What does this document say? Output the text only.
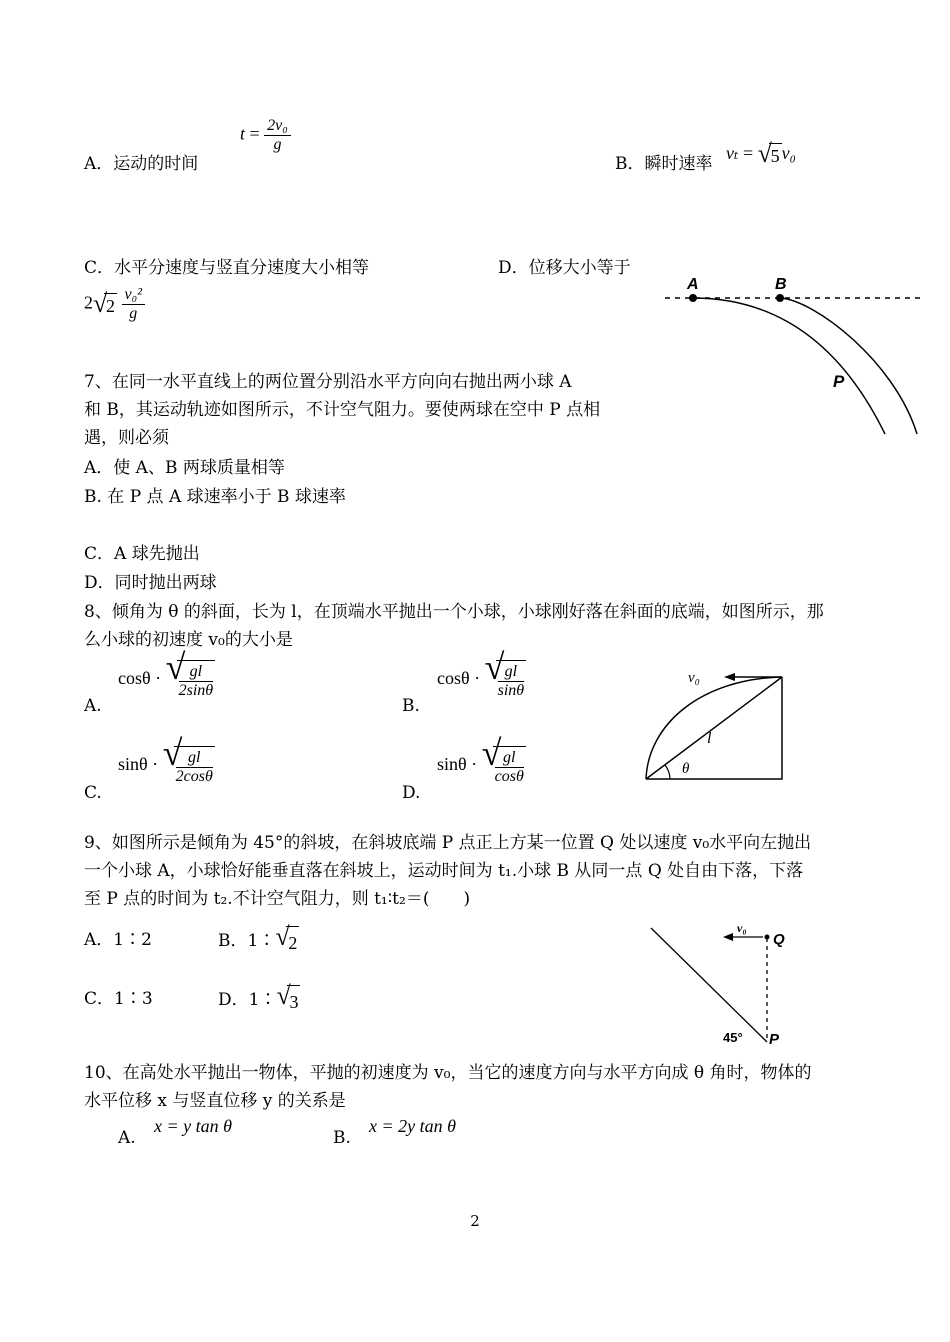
A．运动的时间
$t = \frac{\text{2v₀}}{g}$
B．瞬时速率
vₜ = √
5 v₀
C．水平分速度与竖直分速度大小相等	D．位移大小等于
2 √
$2 \frac{\text{v₀²}}{g}$
A	B
P
7、在同一水平直线上的两位置分别沿水平方向向右抛出两小球 A
和 B，其运动轨迹如图所示，不计空气阻力。要使两球在空中 P 点相
遇，则必须
A．使 A、B 两球质量相等
B. 在 P 点 A 球速率小于 B 球速率
C．A 球先抛出
D．同时抛出两球
8、倾角为 θ 的斜面，长为 l，在顶端水平抛出一个小球，小球刚好落在斜面的底端，如图所示，那
么小球的初速度 v₀的大小是
A.
cosθ · √
$\frac{gl}{2\sin\theta}$
B.
cosθ · √
$\frac{gl}{\sin\theta}$
C.
sinθ · √
$\frac{gl}{2\cos\theta}$
D.
sinθ · √
$\frac{gl}{\cos\theta}$
v₀
l
θ
9、如图所示是倾角为 45°的斜坡，在斜坡底端 P 点正上方某一位置 Q 处以速度 v₀水平向左抛出
一个小球 A，小球恰好能垂直落在斜坡上，运动时间为 t₁.小球 B 从同一点 Q 处自由下落，下落
至 P 点的时间为 t₂.不计空气阻力，则 t₁∶t₂＝(　　)
A．1∶2	B．1∶ √
2
C．1∶3	D．1∶ √
3
v₀
Q
P
45°
10、在高处水平抛出一物体，平抛的初速度为 v₀，当它的速度方向与水平方向成 θ 角时，物体的
水平位移 x 与竖直位移 y 的关系是
A.
x = y tan θ
B.
x = 2y tan θ
2
